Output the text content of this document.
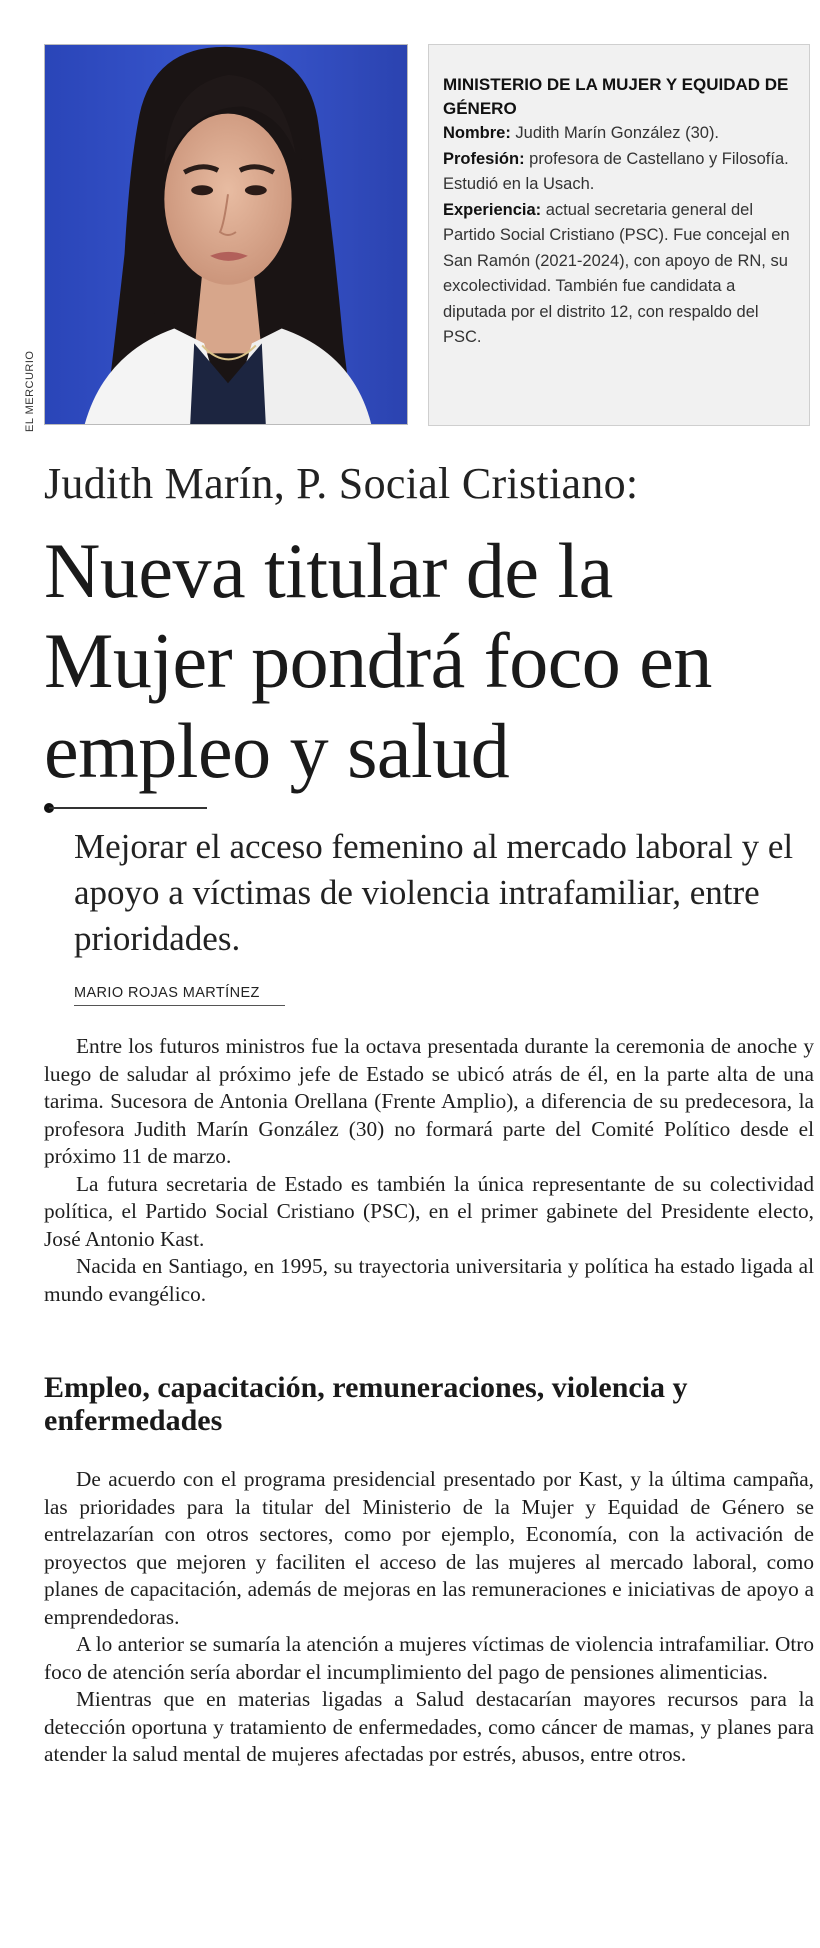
EL MERCURIO
MINISTERIO DE LA MUJER Y EQUIDAD DE GÉNERO

Nombre: Judith Marín González (30).

Profesión: profesora de Castellano y Filosofía. Estudió en la Usach.

Experiencia: actual secretaria general del Partido Social Cristiano (PSC). Fue concejal en San Ramón (2021-2024), con apoyo de RN, su excolectividad. También fue candidata a diputada por el distrito 12, con respaldo del PSC.

Judith Marín, P. Social Cristiano:
Nueva titular de la Mujer pondrá foco en empleo y salud
Mejorar el acceso femenino al mercado laboral y el apoyo a víctimas de violencia intrafamiliar, entre prioridades.
MARIO ROJAS MARTÍNEZ

Entre los futuros ministros fue la octava presentada durante la ceremonia de anoche y luego de saludar al próximo jefe de Estado se ubicó atrás de él, en la parte alta de una tarima. Sucesora de Antonia Orellana (Frente Amplio), a diferencia de su predecesora, la profesora Judith Marín González (30) no formará parte del Comité Político desde el próximo 11 de marzo.

La futura secretaria de Estado es también la única representante de su colectividad política, el Partido Social Cristiano (PSC), en el primer gabinete del Presidente electo, José Antonio Kast.

Nacida en Santiago, en 1995, su trayectoria universitaria y política ha estado ligada al mundo evangélico.

Empleo, capacitación, remuneraciones, violencia y enfermedades

De acuerdo con el programa presidencial presentado por Kast, y la última campaña, las prioridades para la titular del Ministerio de la Mujer y Equidad de Género se entrelazarían con otros sectores, como por ejemplo, Economía, con la activación de proyectos que mejoren y faciliten el acceso de las mujeres al mercado laboral, como planes de capacitación, además de mejoras en las remuneraciones e iniciativas de apoyo a emprendedoras.

A lo anterior se sumaría la atención a mujeres víctimas de violencia intrafamiliar. Otro foco de atención sería abordar el incumplimiento del pago de pensiones alimenticias.

Mientras que en materias ligadas a Salud destacarían mayores recursos para la detección oportuna y tratamiento de enfermedades, como cáncer de mamas, y planes para atender la salud mental de mujeres afectadas por estrés, abusos, entre otros.
